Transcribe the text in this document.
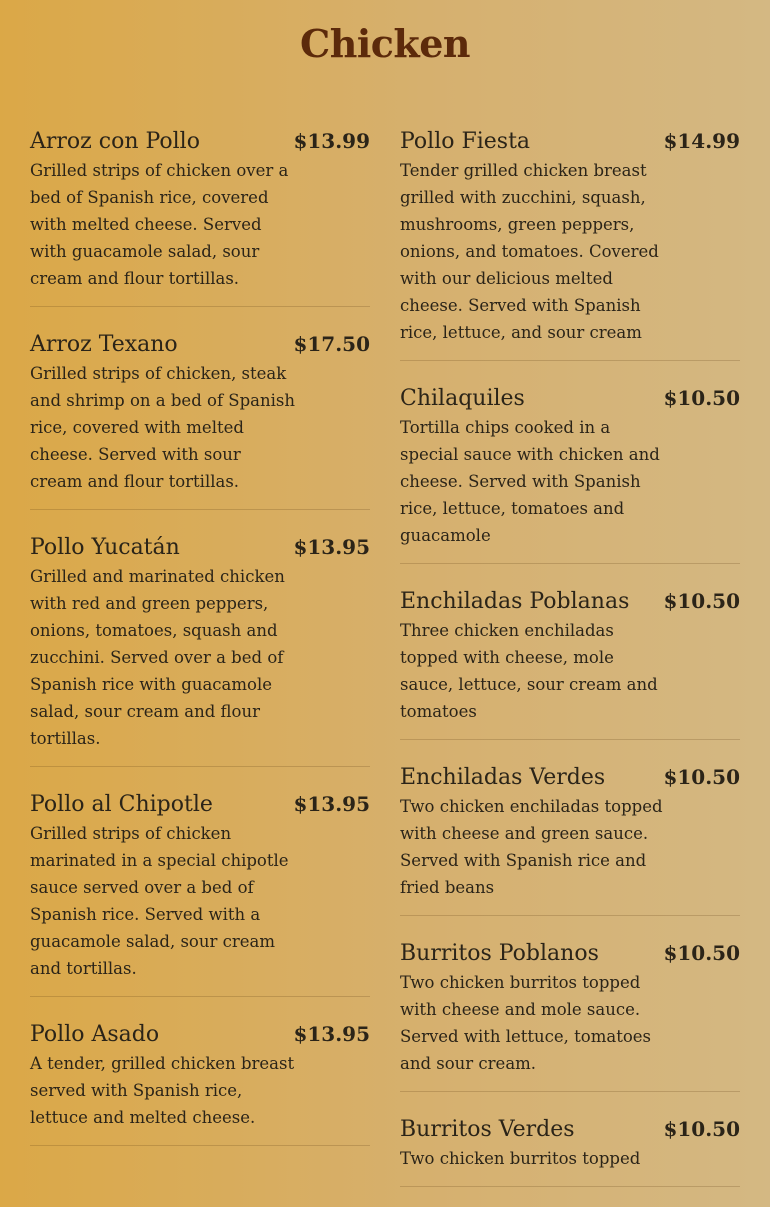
Chicken
Arroz con Pollo	$13.99
Grilled strips of chicken over a bed of Spanish rice, covered with melted cheese. Served with guacamole salad, sour cream and flour tortillas.
Arroz Texano	$17.50
Grilled strips of chicken, steak and shrimp on a bed of Spanish rice, covered with melted cheese. Served with sour cream and flour tortillas.
Pollo Yucatán	$13.95
Grilled and marinated chicken with red and green peppers, onions, tomatoes, squash and zucchini. Served over a bed of Spanish rice with guacamole salad, sour cream and flour tortillas.
Pollo al Chipotle	$13.95
Grilled strips of chicken marinated in a special chipotle sauce served over a bed of Spanish rice. Served with a guacamole salad, sour cream and tortillas.
Pollo Asado	$13.95
A tender, grilled chicken breast served with Spanish rice, lettuce and melted cheese.
Pollo Fiesta	$14.99
Tender grilled chicken breast grilled with zucchini, squash, mushrooms, green peppers, onions, and tomatoes. Covered with our delicious melted cheese. Served with Spanish rice, lettuce, and sour cream
Chilaquiles	$10.50
Tortilla chips cooked in a special sauce with chicken and cheese. Served with Spanish rice, lettuce, tomatoes and guacamole
Enchiladas Poblanas $10.50
Three chicken enchiladas topped with cheese, mole sauce, lettuce, sour cream and tomatoes
Enchiladas Verdes	$10.50
Two chicken enchiladas topped with cheese and green sauce. Served with Spanish rice and fried beans
Burritos Poblanos	$10.50
Two chicken burritos topped with cheese and mole sauce. Served with lettuce, tomatoes and sour cream.
Burritos Verdes	$10.50
Two chicken burritos topped
